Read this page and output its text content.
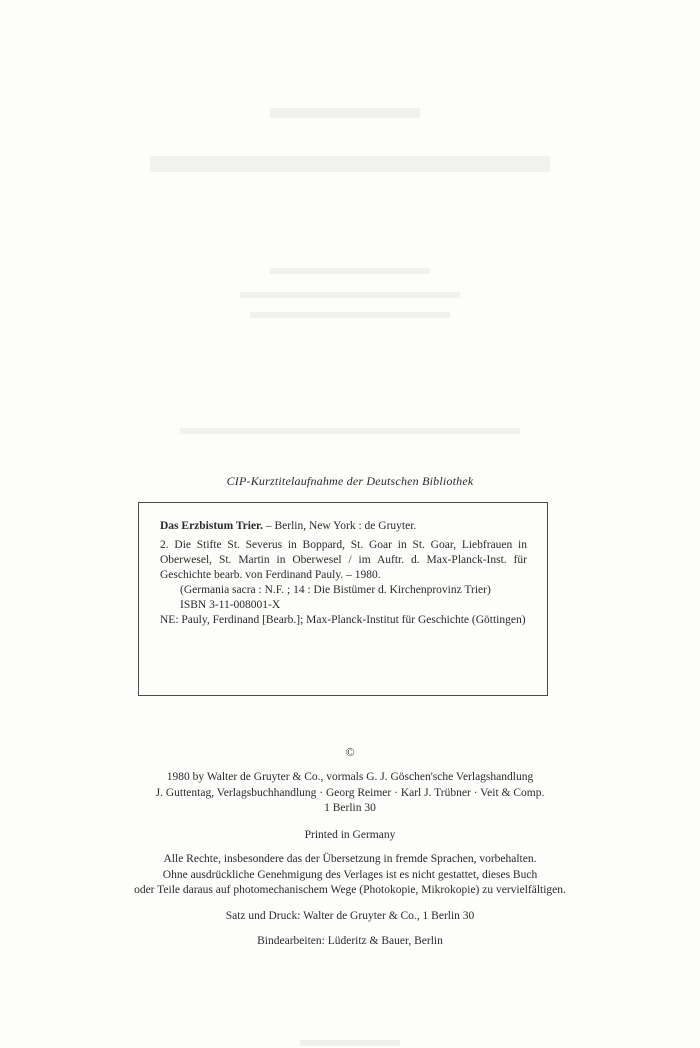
CIP-Kurztitelaufnahme der Deutschen Bibliothek

Das Erzbistum Trier. – Berlin, New York : de Gruyter.

2. Die Stifte St. Severus in Boppard, St. Goar in St. Goar, Liebfrauen in Oberwesel, St. Martin in Oberwesel / im Auftr. d. Max-Planck-Inst. für Geschichte bearb. von Ferdinand Pauly. – 1980.

(Germania sacra : N.F. ; 14 : Die Bistümer d. Kirchenprovinz Trier)

ISBN 3-11-008001-X

NE: Pauly, Ferdinand [Bearb.]; Max-Planck-Institut für Geschichte (Göttingen)

©
1980 by Walter de Gruyter & Co., vormals G. J. Göschen'sche Verlagshandlung
J. Guttentag, Verlagsbuchhandlung · Georg Reimer · Karl J. Trübner · Veit & Comp.
1 Berlin 30
Printed in Germany
Alle Rechte, insbesondere das der Übersetzung in fremde Sprachen, vorbehalten.
Ohne ausdrückliche Genehmigung des Verlages ist es nicht gestattet, dieses Buch
oder Teile daraus auf photomechanischem Wege (Photokopie, Mikrokopie) zu vervielfältigen.
Satz und Druck: Walter de Gruyter & Co., 1 Berlin 30
Bindearbeiten: Lüderitz & Bauer, Berlin
